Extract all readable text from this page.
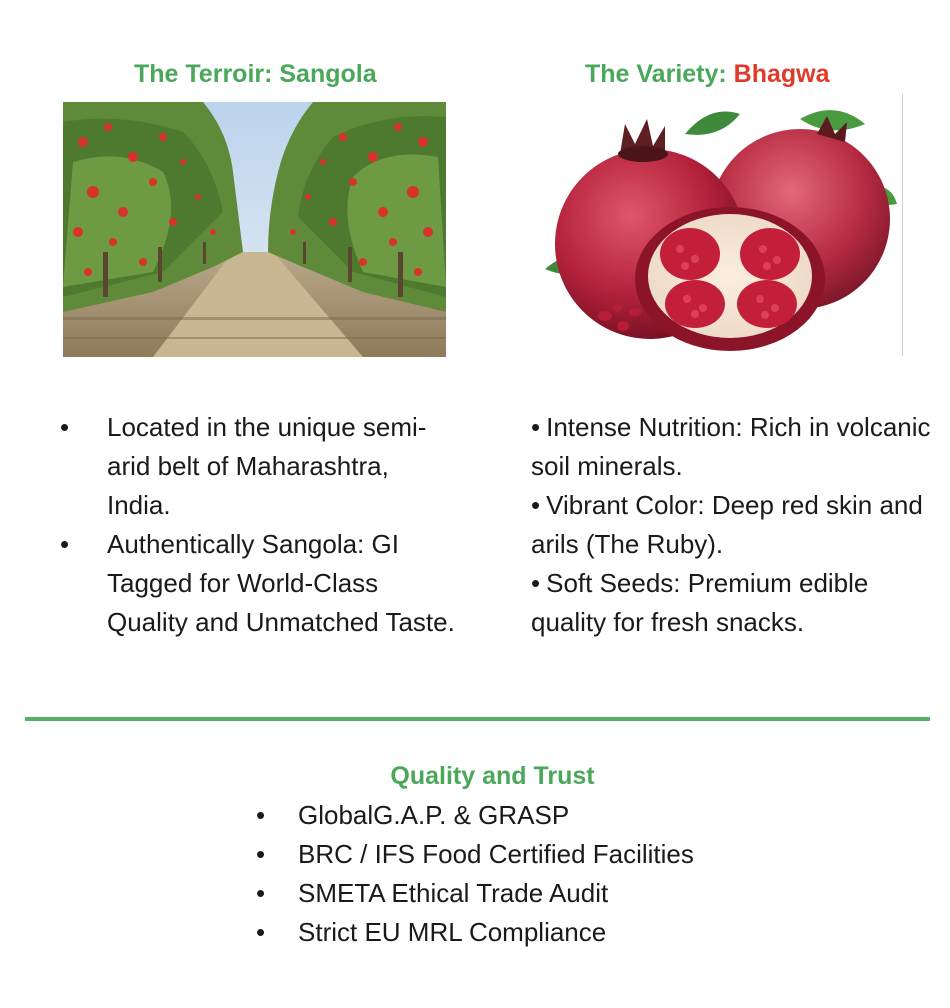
The Terroir: Sangola	The Variety: Bhagwa
• Located in the unique semi-arid belt of Maharashtra, India.
• Authentically Sangola: GI Tagged for World-Class Quality and Unmatched Taste.
• Intense Nutrition: Rich in volcanic soil minerals.
• Vibrant Color: Deep red skin and arils (The Ruby).
• Soft Seeds: Premium edible quality for fresh snacks.
Quality and Trust
• GlobalG.A.P. & GRASP
• BRC / IFS Food Certified Facilities
• SMETA Ethical Trade Audit
• Strict EU MRL Compliance
